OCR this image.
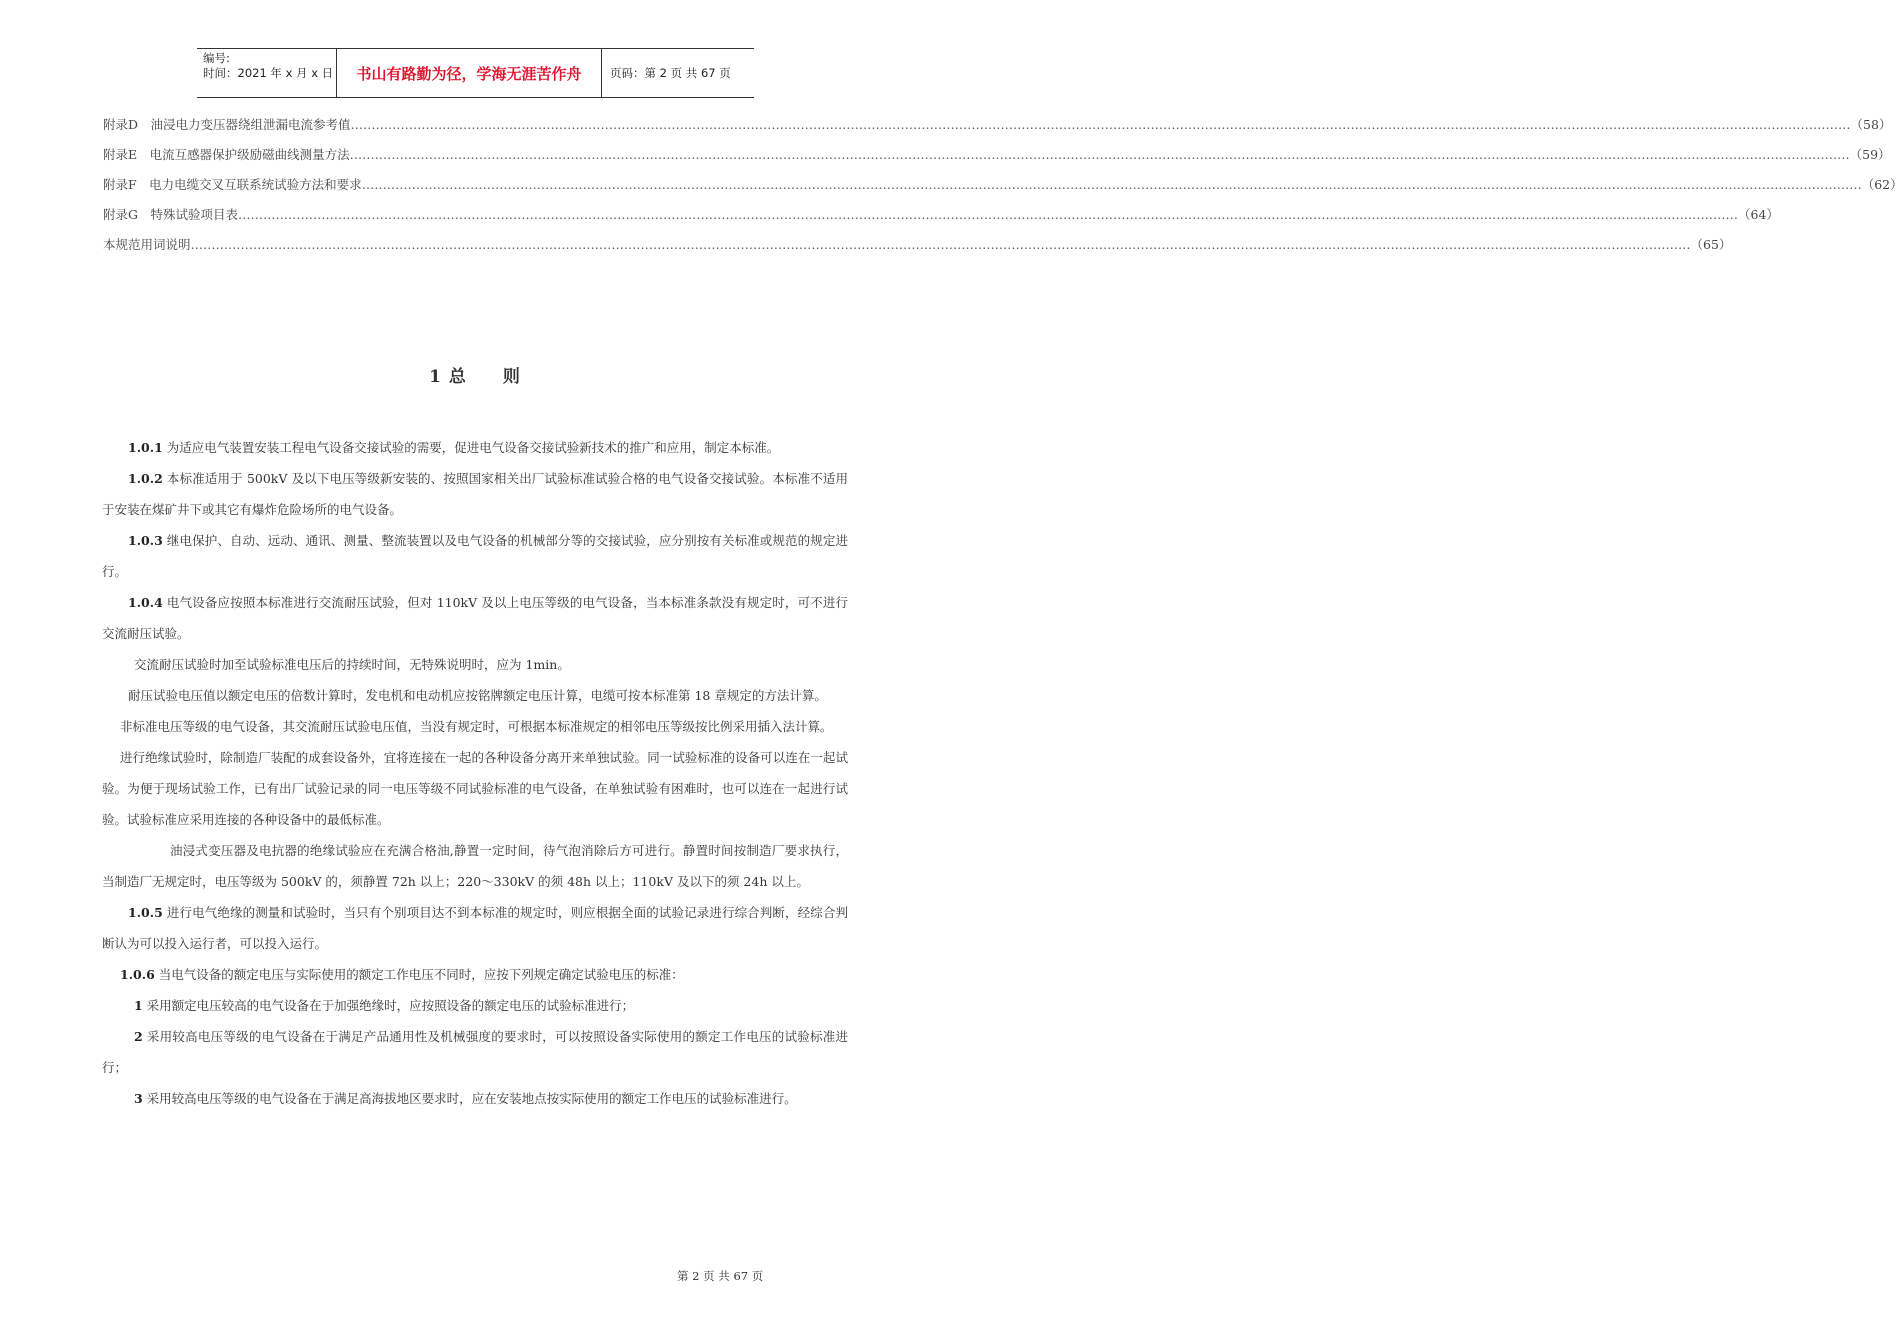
编号:
时间：2021 年 x 月 x 日	书山有路勤为径，学海无涯苦作舟	页码：第 2 页 共 67 页
附录D　油浸电力变压器绕组泄漏电流参考值 ……………………………………………………………………………………………………………………………………………………………………………………………………………………………………………………………………………………………………………………………… （58）
附录E　电流互感器保护级励磁曲线测量方法 ……………………………………………………………………………………………………………………………………………………………………………………………………………………………………………………………………………………………………………………………… （59）
附录F　电力电缆交叉互联系统试验方法和要求 ……………………………………………………………………………………………………………………………………………………………………………………………………………………………………………………………………………………………………………………………… （62）
附录G　特殊试验项目表 ……………………………………………………………………………………………………………………………………………………………………………………………………………………………………………………………………………………………………………………………… （64）
本规范用词说明 ……………………………………………………………………………………………………………………………………………………………………………………………………………………………………………………………………………………………………………………………… （65）
1 总　　则

1.0.1 为适应电气装置安装工程电气设备交接试验的需要，促进电气设备交接试验新技术的推广和应用，制定本标准。

1.0.2 本标准适用于 500kV 及以下电压等级新安装的、按照国家相关出厂试验标准试验合格的电气设备交接试验。本标准不适用于安装在煤矿井下或其它有爆炸危险场所的电气设备。

1.0.3 继电保护、自动、远动、通讯、测量、整流装置以及电气设备的机械部分等的交接试验，应分别按有关标准或规范的规定进行。

1.0.4 电气设备应按照本标准进行交流耐压试验，但对 110kV 及以上电压等级的电气设备，当本标准条款没有规定时，可不进行交流耐压试验。

交流耐压试验时加至试验标准电压后的持续时间，无特殊说明时，应为 1min。

耐压试验电压值以额定电压的倍数计算时，发电机和电动机应按铭牌额定电压计算，电缆可按本标准第 18 章规定的方法计算。

非标准电压等级的电气设备，其交流耐压试验电压值，当没有规定时，可根据本标准规定的相邻电压等级按比例采用插入法计算。

进行绝缘试验时，除制造厂装配的成套设备外，宜将连接在一起的各种设备分离开来单独试验。同一试验标准的设备可以连在一起试验。为便于现场试验工作，已有出厂试验记录的同一电压等级不同试验标准的电气设备，在单独试验有困难时，也可以连在一起进行试验。试验标准应采用连接的各种设备中的最低标准。

油浸式变压器及电抗器的绝缘试验应在充满合格油,静置一定时间，待气泡消除后方可进行。静置时间按制造厂要求执行，当制造厂无规定时，电压等级为 500kV 的，须静置 72h 以上；220～330kV 的须 48h 以上；110kV 及以下的须 24h 以上。

1.0.5 进行电气绝缘的测量和试验时，当只有个别项目达不到本标准的规定时，则应根据全面的试验记录进行综合判断，经综合判断认为可以投入运行者，可以投入运行。

1.0.6 当电气设备的额定电压与实际使用的额定工作电压不同时，应按下列规定确定试验电压的标准：

1 采用额定电压较高的电气设备在于加强绝缘时，应按照设备的额定电压的试验标准进行；

2 采用较高电压等级的电气设备在于满足产品通用性及机械强度的要求时，可以按照设备实际使用的额定工作电压的试验标准进行；

3 采用较高电压等级的电气设备在于满足高海拔地区要求时，应在安装地点按实际使用的额定工作电压的试验标准进行。

第 2 页 共 67 页
